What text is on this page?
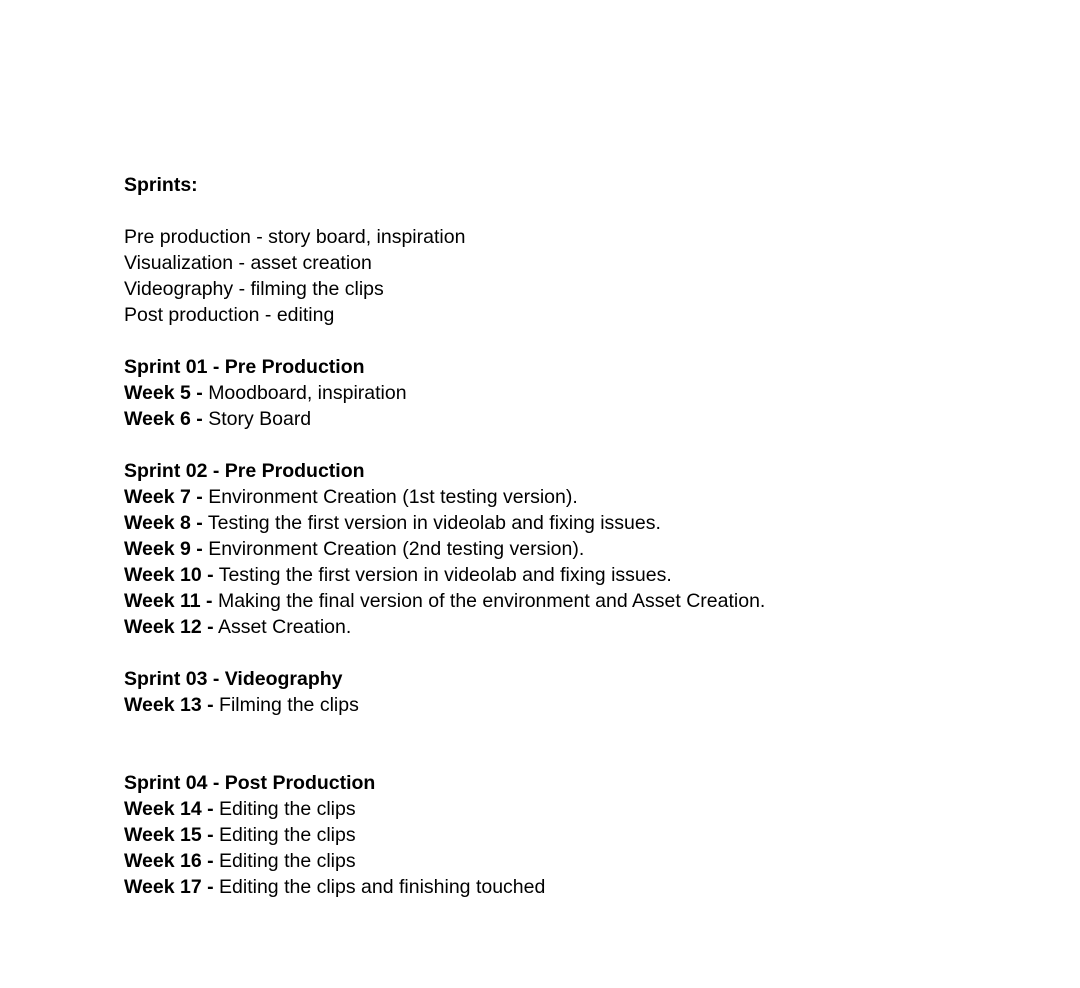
Sprints:
Pre production - story board, inspiration
Visualization - asset creation
Videography - filming the clips
Post production - editing
Sprint 01 - Pre Production
Week 5 - Moodboard, inspiration
Week 6 - Story Board
Sprint 02 - Pre Production
Week 7 - Environment Creation (1st testing version).
Week 8 - Testing the first version in videolab and fixing issues.
Week 9 - Environment Creation (2nd testing version).
Week 10 - Testing the first version in videolab and fixing issues.
Week 11 - Making the final version of the environment and Asset Creation.
Week 12 - Asset Creation.
Sprint 03 - Videography
Week 13 - Filming the clips
Sprint 04 - Post Production
Week 14 - Editing the clips
Week 15 - Editing the clips
Week 16 - Editing the clips
Week 17 - Editing the clips and finishing touched
